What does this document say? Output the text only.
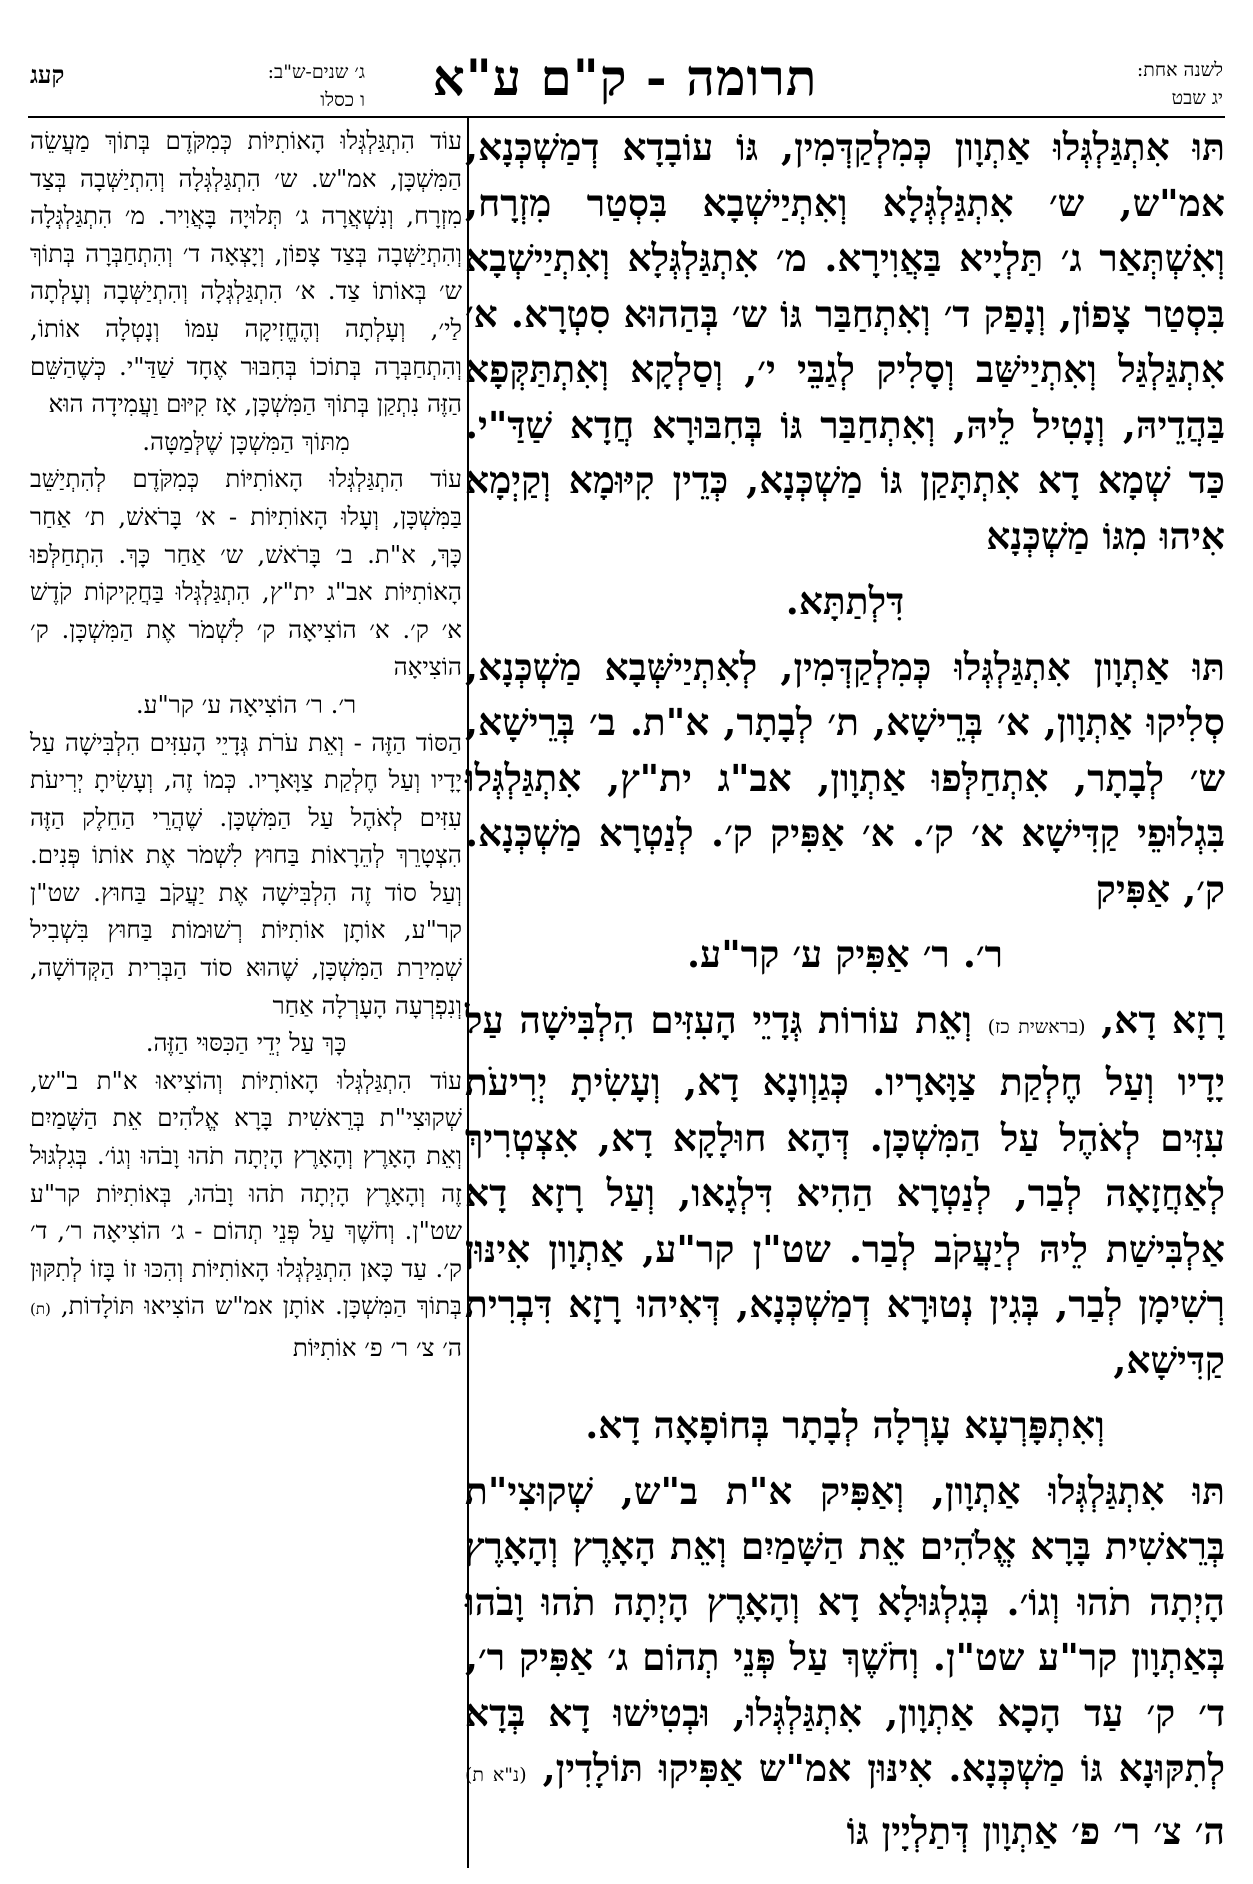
לשנה אחת:
יג שבט
תרומה - ק"ם ע"א
ג׳ שנים-ש"ב:
ו כסלו
קעג

תּוּ אִתְגַּלְגְּלוּ אַתְוָון כְּמִלְקַדְּמִין, גּוֹ עוֹבָדָא דְמַשְׁכְּנָא, אמ"ש, ש׳ אִתְגַּלְגְּלָא וְאִתְיַישְׁבָא בִּסְטַר מִזְרָח, וְאִשְׁתְּאַר ג׳ תַּלְיָיא בַּאֲוִירָא. מ׳ אִתְגַּלְגְּלָא וְאִתְיַישְׁבָא בִּסְטַר צָפוֹן, וְנָפַק ד׳ וְאִתְחַבַּר גּוֹ ש׳ בְּהַהוּא סִטְרָא. א׳ אִתְגַּלְגַּל וְאִתְיַישַּׁב וְסָלִיק לְגַבֵּי י׳, וְסַלְקָא וְאִתְתַּקְּפָא בַּהֲדֵיהּ, וְנָטִיל לֵיהּ, וְאִתְחַבַּר גּוֹ בְּחִבּוּרָא חֲדָא שַׁדַּ"י. כַּד שְׁמָא דָא אִתְתָּקַן גּוֹ מַשְׁכְּנָא, כְּדֵין קִיּוּמָא וְקַיְמָא אִיהוּ מִגּוֹ מַשְׁכְּנָא

דִּלְתַתָּא.

תּוּ אַתְוָון אִתְגַּלְגְּלוּ כְּמִלְקַדְּמִין, לְאִתְיַישְּׁבָא מַשְׁכְּנָא, סְלִיקוּ אַתְוָון, א׳ בְּרֵישָׁא, ת׳ לְבָתָר, א"ת. ב׳ בְּרֵישָׁא, ש׳ לְבָתָר, אִתְחַלְּפוּ אַתְוָון, אב"ג ית"ץ, אִתְגַּלְגְּלוּ בִּגְלוּפֵי קַדִּישָׁא א׳ ק׳. א׳ אַפִּיק ק׳. לְנַטְרָא מַשְׁכְּנָא. ק׳, אַפִּיק

ר׳. ר׳ אַפִּיק ע׳ קר"ע.

רָזָא דָא, (בראשית כז) וְאֵת עוֹרוֹת גְּדָיֵי הָעִזִּים הִלְבִּישָׁה עַל יָדָיו וְעַל חֶלְקַת צַוָּארָיו. כְּגַוְונָא דָא, וְעָשִׂיתָ יְרִיעֹת עִזִּים לְאֹהֶל עַל הַמִּשְׁכָּן. דְּהָא חוּלָקָא דָא, אִצְטְרִיךְ לְאַחֲזָאָה לְבַר, לְנַטְרָא הַהִיא דִּלְגָאו, וְעַל רָזָא דָא אַלְבִּישַׁת לֵיהּ לְיַעֲקֹב לְבַר. שט"ן קר"ע, אַתְוָון אִינּוּן רְשִׁימָן לְבַר, בְּגִין נְטוּרָא דְמַשְׁכְּנָא, דְּאִיהוּ רָזָא דִּבְרִית קַדִּישָׁא,

וְאִתְפָּרְעָא עָרְלָה לְבָתָר בְּחוֹפָאָה דָא.

תּוּ אִתְגַּלְגְּלוּ אַתְוָון, וְאַפִּיק א"ת ב"ש, שְׁקוּצִי"ת בְּרֵאשִׁית בָּרָא אֱלֹהִים אֵת הַשָּׁמַיִם וְאֵת הָאָרֶץ וְהָאָרֶץ הָיְתָה תֹהוּ וְגוֹ׳. בְּגִלְגּוּלָא דָא וְהָאָרֶץ הָיְתָה תֹהוּ וָבֹהוּ בְּאַתְוָון קר"ע שט"ן. וְחֹשֶׁךְ עַל פְּנֵי תְהוֹם ג׳ אַפִּיק ר׳, ד׳ ק׳ עַד הָכָא אַתְוָון, אִתְגַּלְגְּלוּ, וּבְטִישׁוּ דָא בְּדָא לְתִקּוּנָא גּוֹ מַשְׁכְּנָא. אִינּוּן אמ"ש אַפִּיקוּ תּוֹלָדִין, (נ"א ת) ה׳ צ׳ ר׳ פ׳ אַתְוָון דְּתַלְיָין גּוֹ

עוֹד הִתְגַּלְגְּלוּ הָאוֹתִיּוֹת כְּמִקֹּדֶם בְּתוֹךְ מַעֲשֵׂה הַמִּשְׁכָּן, אמ"ש. ש׳ הִתְגַּלְגְּלָה וְהִתְיַשְּׁבָה בְּצַד מִזְרָח, וְנִשְׁאֲרָה ג׳ תְּלוּיָה בָּאֲוִיר. מ׳ הִתְגַּלְגְּלָה וְהִתְיַשְּׁבָה בְּצַד צָפוֹן, וְיָצְאָה ד׳ וְהִתְחַבְּרָה בְּתוֹךְ ש׳ בְּאוֹתוֹ צַד. א׳ הִתְגַּלְגְּלָה וְהִתְיַשְּׁבָה וְעָלְתָה לַי׳, וְעָלְתָה וְהֶחֱזִיקָה עִמּוֹ וְנָטְלָה אוֹתוֹ, וְהִתְחַבְּרָה בְּתוֹכוֹ בְּחִבּוּר אֶחָד שַׁדַּ"י. כְּשֶׁהַשֵּׁם הַזֶּה נִתְקַן בְּתוֹךְ הַמִּשְׁכָּן, אָז קִיּוּם וַעֲמִידָה הוּא

מִתּוֹךְ הַמִּשְׁכָּן שֶׁלְּמַטָּה.

עוֹד הִתְגַּלְגְּלוּ הָאוֹתִיּוֹת כְּמִקֹּדֶם לְהִתְיַשֵּׁב בַּמִּשְׁכָּן, וְעָלוּ הָאוֹתִיּוֹת - א׳ בָּרֹאשׁ, ת׳ אַחַר כָּךְ, א"ת. ב׳ בָּרֹאשׁ, ש׳ אַחַר כָּךְ. הִתְחַלְּפוּ הָאוֹתִיּוֹת אב"ג ית"ץ, הִתְגַּלְגְּלוּ בַּחֲקִיקוֹת קֹדֶשׁ א׳ ק׳. א׳ הוֹצִיאָה ק׳ לִשְׁמֹר אֶת הַמִּשְׁכָּן. ק׳ הוֹצִיאָה

ר׳. ר׳ הוֹצִיאָה ע׳ קר"ע.

הַסּוֹד הַזֶּה - וְאֵת עֹרֹת גְּדָיֵי הָעִזִּים הִלְבִּישָׁה עַל יָדָיו וְעַל חֶלְקַת צַוָּארָיו. כְּמוֹ זֶה, וְעָשִׂיתָ יְרִיעֹת עִזִּים לְאֹהֶל עַל הַמִּשְׁכָּן. שֶׁהֲרֵי הַחֵלֶק הַזֶּה הִצְטָרֵךְ לְהֵרָאוֹת בַּחוּץ לִשְׁמֹר אֶת אוֹתוֹ פְּנִים. וְעַל סוֹד זֶה הִלְבִּישָׁה אֶת יַעֲקֹב בַּחוּץ. שט"ן קר"ע, אוֹתָן אוֹתִיּוֹת רְשׁוּמוֹת בַּחוּץ בִּשְׁבִיל שְׁמִירַת הַמִּשְׁכָּן, שֶׁהוּא סוֹד הַבְּרִית הַקְּדוֹשָׁה, וְנִפְרְעָה הָעָרְלָה אַחַר

כָּךְ עַל יְדֵי הַכִּסּוּי הַזֶּה.

עוֹד הִתְגַּלְגְּלוּ הָאוֹתִיּוֹת וְהוֹצִיאוּ א"ת ב"ש, שְׁקוּצִי"ת בְּרֵאשִׁית בָּרָא אֱלֹהִים אֵת הַשָּׁמַיִם וְאֵת הָאָרֶץ וְהָאָרֶץ הָיְתָה תֹהוּ וָבֹהוּ וְגוֹ׳. בְּגִלְגּוּל זֶה וְהָאָרֶץ הָיְתָה תֹהוּ וָבֹהוּ, בְּאוֹתִיּוֹת קר"ע שט"ן. וְחֹשֶׁךְ עַל פְּנֵי תְהוֹם - ג׳ הוֹצִיאָה ר׳, ד׳ ק׳. עַד כָּאן הִתְגַּלְגְּלוּ הָאוֹתִיּוֹת וְהִכּוּ זוֹ בָּזוֹ לְתִקּוּן בְּתוֹךְ הַמִּשְׁכָּן. אוֹתָן אמ"ש הוֹצִיאוּ תּוֹלָדוֹת, (ת) ה׳ צ׳ ר׳ פ׳ אוֹתִיּוֹת
